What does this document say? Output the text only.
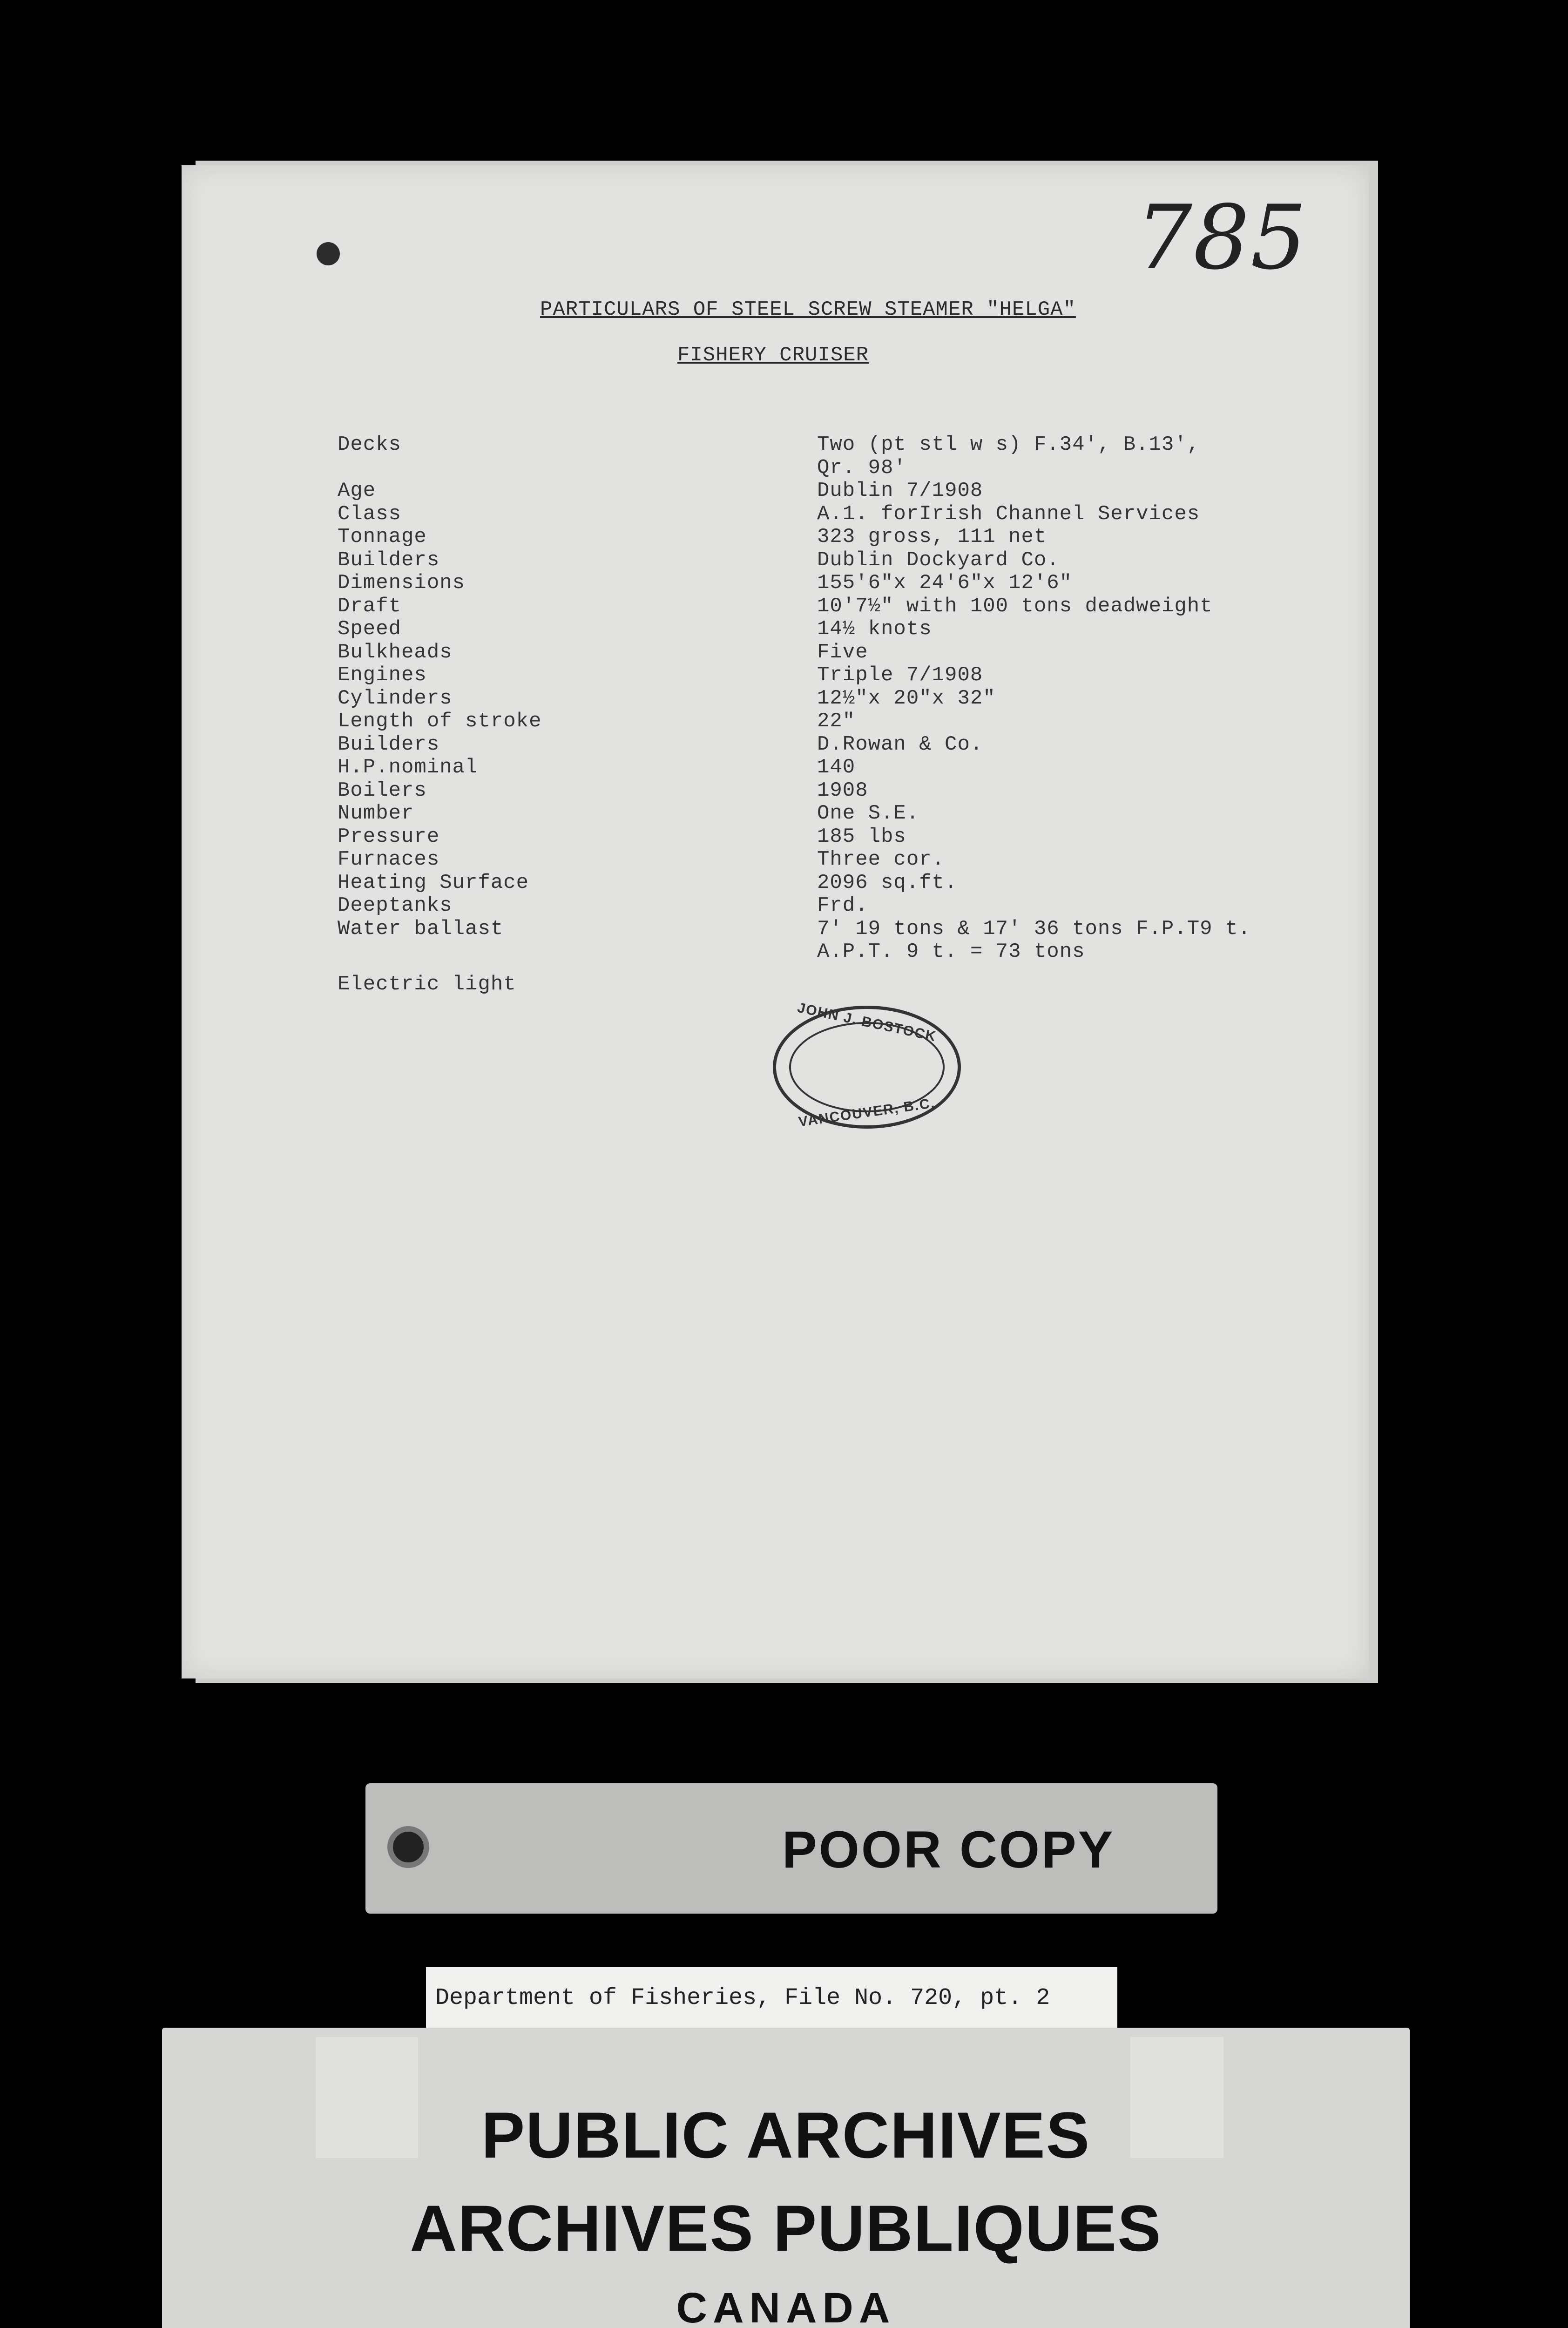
785
PARTICULARS OF STEEL SCREW STEAMER "HELGA"
FISHERY CRUISER
Decks	Two (pt stl w s) F.34', B.13',
Qr. 98'
Age	Dublin 7/1908
Class	A.1. forIrish Channel Services
Tonnage	323 gross, 111 net
Builders	Dublin Dockyard Co.
Dimensions	155'6"x 24'6"x 12'6"
Draft	10'7½" with 100 tons deadweight
Speed	14½ knots
Bulkheads	Five
Engines	Triple 7/1908
Cylinders	12½"x 20"x 32"
Length of stroke	22"
Builders	D.Rowan & Co.
H.P.nominal	140
Boilers	1908
Number	One S.E.
Pressure	185 lbs
Furnaces	Three cor.
Heating Surface	2096 sq.ft.
Deeptanks	Frd.
Water ballast	7' 19 tons & 17' 36 tons F.P.T9 t.
A.P.T. 9 t. = 73 tons
Electric light
JOHN J. BOSTOCK
VANCOUVER, B.C.
POOR COPY
Department of Fisheries, File No. 720, pt. 2
PUBLIC ARCHIVES
ARCHIVES PUBLIQUES
CANADA
